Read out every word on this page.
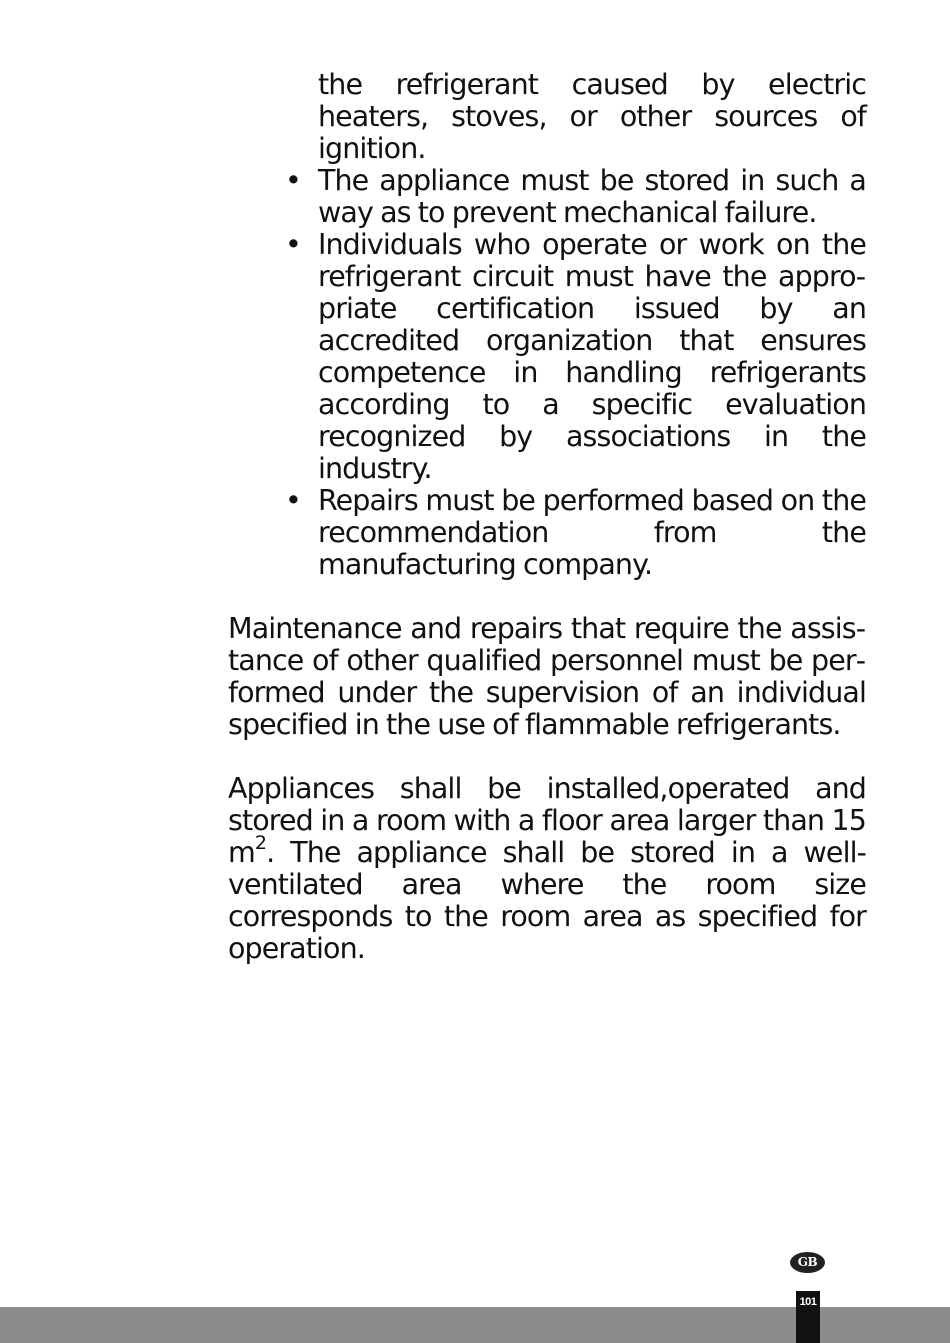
the refrigerant caused by electric heaters, stoves, or other sources of ignition.
• The appliance must be stored in such a way as to prevent mechanical failure.
• Individuals who operate or work on the refrigerant circuit must have the appropriate certification issued by an accredited organization that ensures competence in handling refrigerants according to a specific evaluation recognized by associations in the industry.
• Repairs must be performed based on the recommendation from the manufacturing company.

Maintenance and repairs that require the assistance of other qualified personnel must be performed under the supervision of an individual specified in the use of flammable refrigerants.

Appliances shall be installed,operated and stored in a room with a floor area larger than 15 $m^2$. The appliance shall be stored in a well-ventilated area where the room size corresponds to the room area as specified for operation.

GB
101
